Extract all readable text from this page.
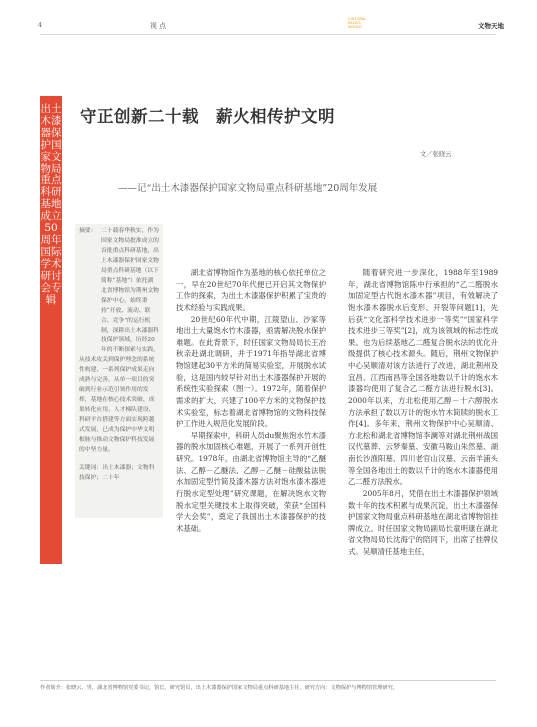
4	视点
CULTURAL
RELICS
WORLD	文物天地
出土木漆器保护国家文物局重点科研基地成立50周年国际学术研讨会专辑
守正创新二十载　薪火相传护文明
文／张晓云
——记“出土木漆器保护国家文物局重点科研基地”20周年发展
摘要： 二十载春华秋实，作为国家文物局批准成立的首批重点科研基地，出土木漆器保护国家文物局重点科研基地（以下简称“基地”）依托湖北省博物馆为荆州文物保护中心，始终秉持“开放、流动、联合、竞争”的运行机制，深耕出土木漆器科技保护领域，历经20年的不断探索与实践，从技术攻关到保护理念的系统性构建，一系列保护成果走向成熟与完善，从单一项目的突破到行业示范引领作用的发挥，基地在核心技术突破、成果转化应用、人才梯队建设、科研平台搭建等方面实现跨越式发展，已成为保护中华文明根脉与推动文物保护科技发展的中坚力量。
关键词：出土木漆器；文物科技保护；二十年

湖北省博物馆作为基地的核心依托单位之一，早在20世纪70年代便已开启其文物保护工作的探索，为出土木漆器保护积累了宝贵的技术经验与实践成果。

20世纪60年代中期，江陵望山、沙冢等地出土大量饱水竹木漆器，亟需解决脱水保护难题。在此背景下，时任国家文物局局长王冶秋亲赴湖北调研，并于1971年指导湖北省博物馆建起30平方米的简易实验室，开展脱水试验，这是国内较早针对出土木漆器保护开展的系统性实验探索（图一）。1972年，随着保护需求的扩大，兴建了100平方米的文物保护技术实验室，标志着湖北省博物馆的文物科技保护工作进入规范化发展阶段。

早期探索中，科研人员du聚焦饱水竹木漆器的脱水加固核心难题，开展了一系列开创性研究。1978年，由湖北省博物馆主导的“乙醚法、乙醇－乙醚法、乙醇－乙醚－硅酸盐法脱水加固定型竹简及漆木器方法对饱水漆木器进行脱水定型处理”研究课题，在解决饱水文物脱水定型关键技术上取得突破，荣获“全国科学大会奖”，奠定了我国出土木漆器保护的技术基础。

随着研究进一步深化，1988年至1989年，湖北省博物馆陈中行承担的“乙二醛脱水加固定型古代饱水漆木器”项目，有效解决了饱水漆木器脱水后变形、开裂等问题[1]，先后获“文化部科学技术进步一等奖”“国家科学技术进步三等奖”[2]，成为该领域的标志性成果。也为后续基地乙二醛复合脱水法的优化升级提供了核心技术源头。随后，荆州文物保护中心吴顺清对该方法进行了改进，湖北荆州及宜昌、江西南昌等全国各地数以千计的饱水木漆器均使用了复合乙二醛方法进行脱水[3]。2000年以来，方北松使用乙醇－十六醇脱水方法承担了数以万计的饱水竹木简牍的脱水工作[4]。多年来，荆州文物保护中心吴顺清、方北松和湖北省博物馆李澜等对湖北荆州战国汉代墓葬、云梦秦墓、安徽马鞍山朱然墓、湖南长沙渔阳墓、四川老官山汉墓、云南羊浦头等全国各地出土的数以千计的饱水木漆器使用乙二醛方法脱水。

2005年8月，凭借在出土木漆器保护领域数十年的技术积累与成果沉淀，出土木漆器保护国家文物局重点科研基地在湖北省博物馆挂牌成立。时任国家文物局副局长童明康在湖北省文物局局长沈海宁的陪同下，出席了挂牌仪式。吴顺清任基地主任，

作者简介：张晓云，男，湖北省博物馆党委书记，馆长，研究馆员，出土木漆器保护国家文物局重点科研基地主任，研究方向：文物保护与博物馆管理研究。
